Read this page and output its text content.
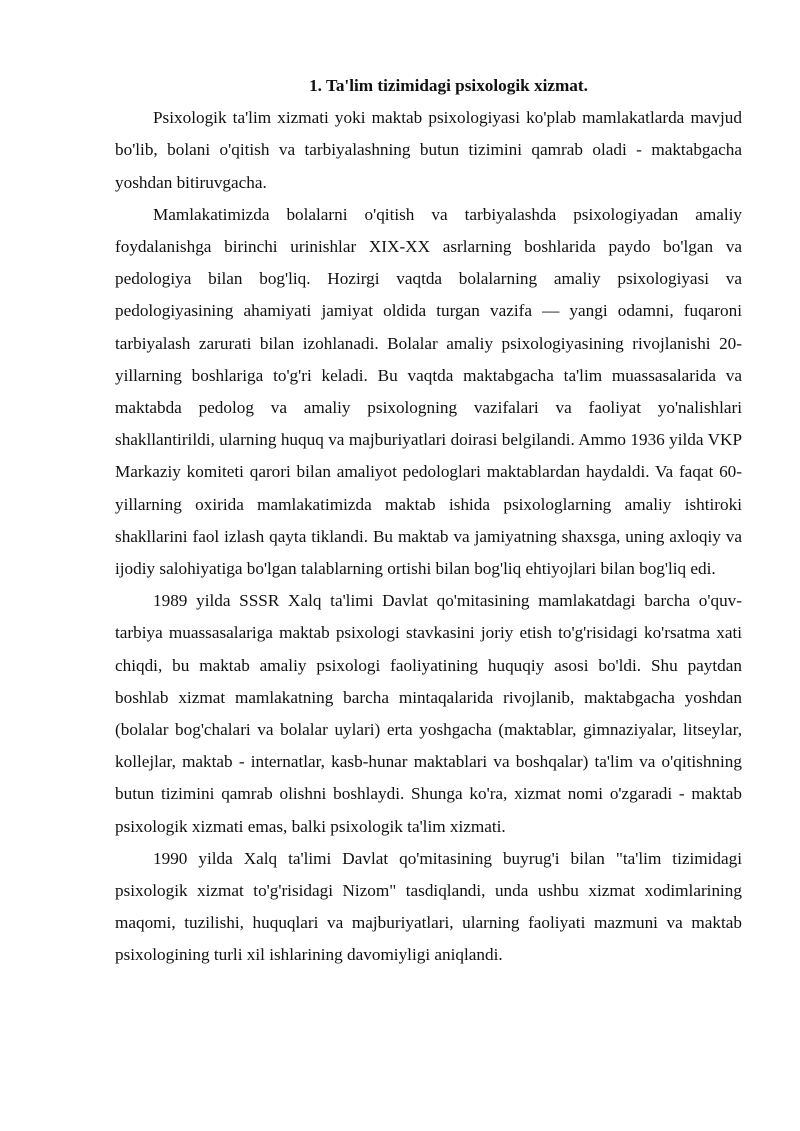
1. Ta'lim tizimidagi psixologik xizmat.

Psixologik ta'lim xizmati yoki maktab psixologiyasi ko'plab mamlakatlarda mavjud bo'lib, bolani o'qitish va tarbiyalashning butun tizimini qamrab oladi - maktabgacha yoshdan bitiruvgacha.

Mamlakatimizda bolalarni o'qitish va tarbiyalashda psixologiyadan amaliy foydalanishga birinchi urinishlar XIX-XX asrlarning boshlarida paydo bo'lgan va pedologiya bilan bog'liq. Hozirgi vaqtda bolalarning amaliy psixologiyasi va pedologiyasining ahamiyati jamiyat oldida turgan vazifa — yangi odamni, fuqaroni tarbiyalash zarurati bilan izohlanadi. Bolalar amaliy psixologiyasining rivojlanishi 20-yillarning boshlariga to'g'ri keladi. Bu vaqtda maktabgacha ta'lim muassasalarida va maktabda pedolog va amaliy psixologning vazifalari va faoliyat yo'nalishlari shakllantirildi, ularning huquq va majburiyatlari doirasi belgilandi. Ammo 1936 yilda VKP Markaziy komiteti qarori bilan amaliyot pedologlari maktablardan haydaldi. Va faqat 60-yillarning oxirida mamlakatimizda maktab ishida psixologlarning amaliy ishtiroki shakllarini faol izlash qayta tiklandi. Bu maktab va jamiyatning shaxsga, uning axloqiy va ijodiy salohiyatiga bo'lgan talablarning ortishi bilan bog'liq ehtiyojlari bilan bog'liq edi.

1989 yilda SSSR Xalq ta'limi Davlat qo'mitasining mamlakatdagi barcha o'quv-tarbiya muassasalariga maktab psixologi stavkasini joriy etish to'g'risidagi ko'rsatma xati chiqdi, bu maktab amaliy psixologi faoliyatining huquqiy asosi bo'ldi. Shu paytdan boshlab xizmat mamlakatning barcha mintaqalarida rivojlanib, maktabgacha yoshdan (bolalar bog'chalari va bolalar uylari) erta yoshgacha (maktablar, gimnaziyalar, litseylar, kollejlar, maktab - internatlar, kasb-hunar maktablari va boshqalar) ta'lim va o'qitishning butun tizimini qamrab olishni boshlaydi. Shunga ko'ra, xizmat nomi o'zgaradi - maktab psixologik xizmati emas, balki psixologik ta'lim xizmati.

1990 yilda Xalq ta'limi Davlat qo'mitasining buyrug'i bilan "ta'lim tizimidagi psixologik xizmat to'g'risidagi Nizom" tasdiqlandi, unda ushbu xizmat xodimlarining maqomi, tuzilishi, huquqlari va majburiyatlari, ularning faoliyati mazmuni va maktab psixologining turli xil ishlarining davomiyligi aniqlandi.
